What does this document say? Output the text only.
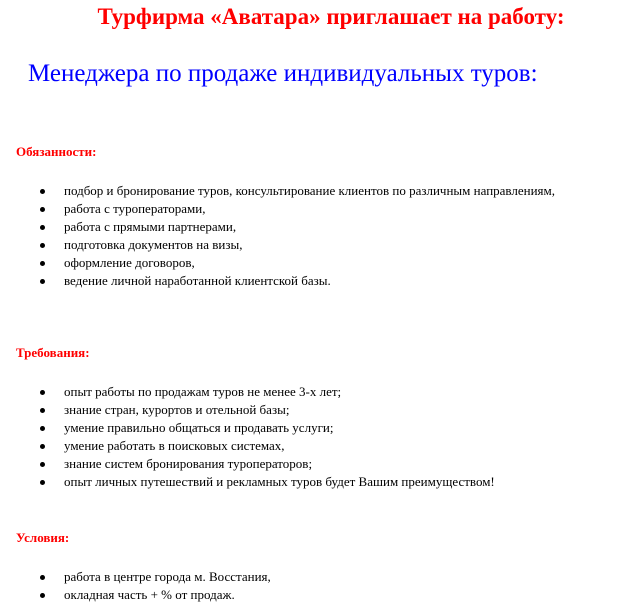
Турфирма «Аватара» приглашает на работу:
Менеджера по продаже индивидуальных туров:
Обязанности:
подбор и бронирование туров, консультирование клиентов по различным направлениям,
работа с туроператорами,
работа с прямыми партнерами,
подготовка документов на визы,
оформление договоров,
ведение личной наработанной клиентской базы.
Требования:
опыт работы по продажам туров не менее 3-х лет;
знание стран, курортов и отельной базы;
умение правильно общаться и продавать услуги;
умение работать в поисковых системах,
знание систем бронирования туроператоров;
опыт личных путешествий и рекламных туров будет Вашим преимуществом!
Условия:
работа в центре города м. Восстания,
окладная часть + % от продаж.
